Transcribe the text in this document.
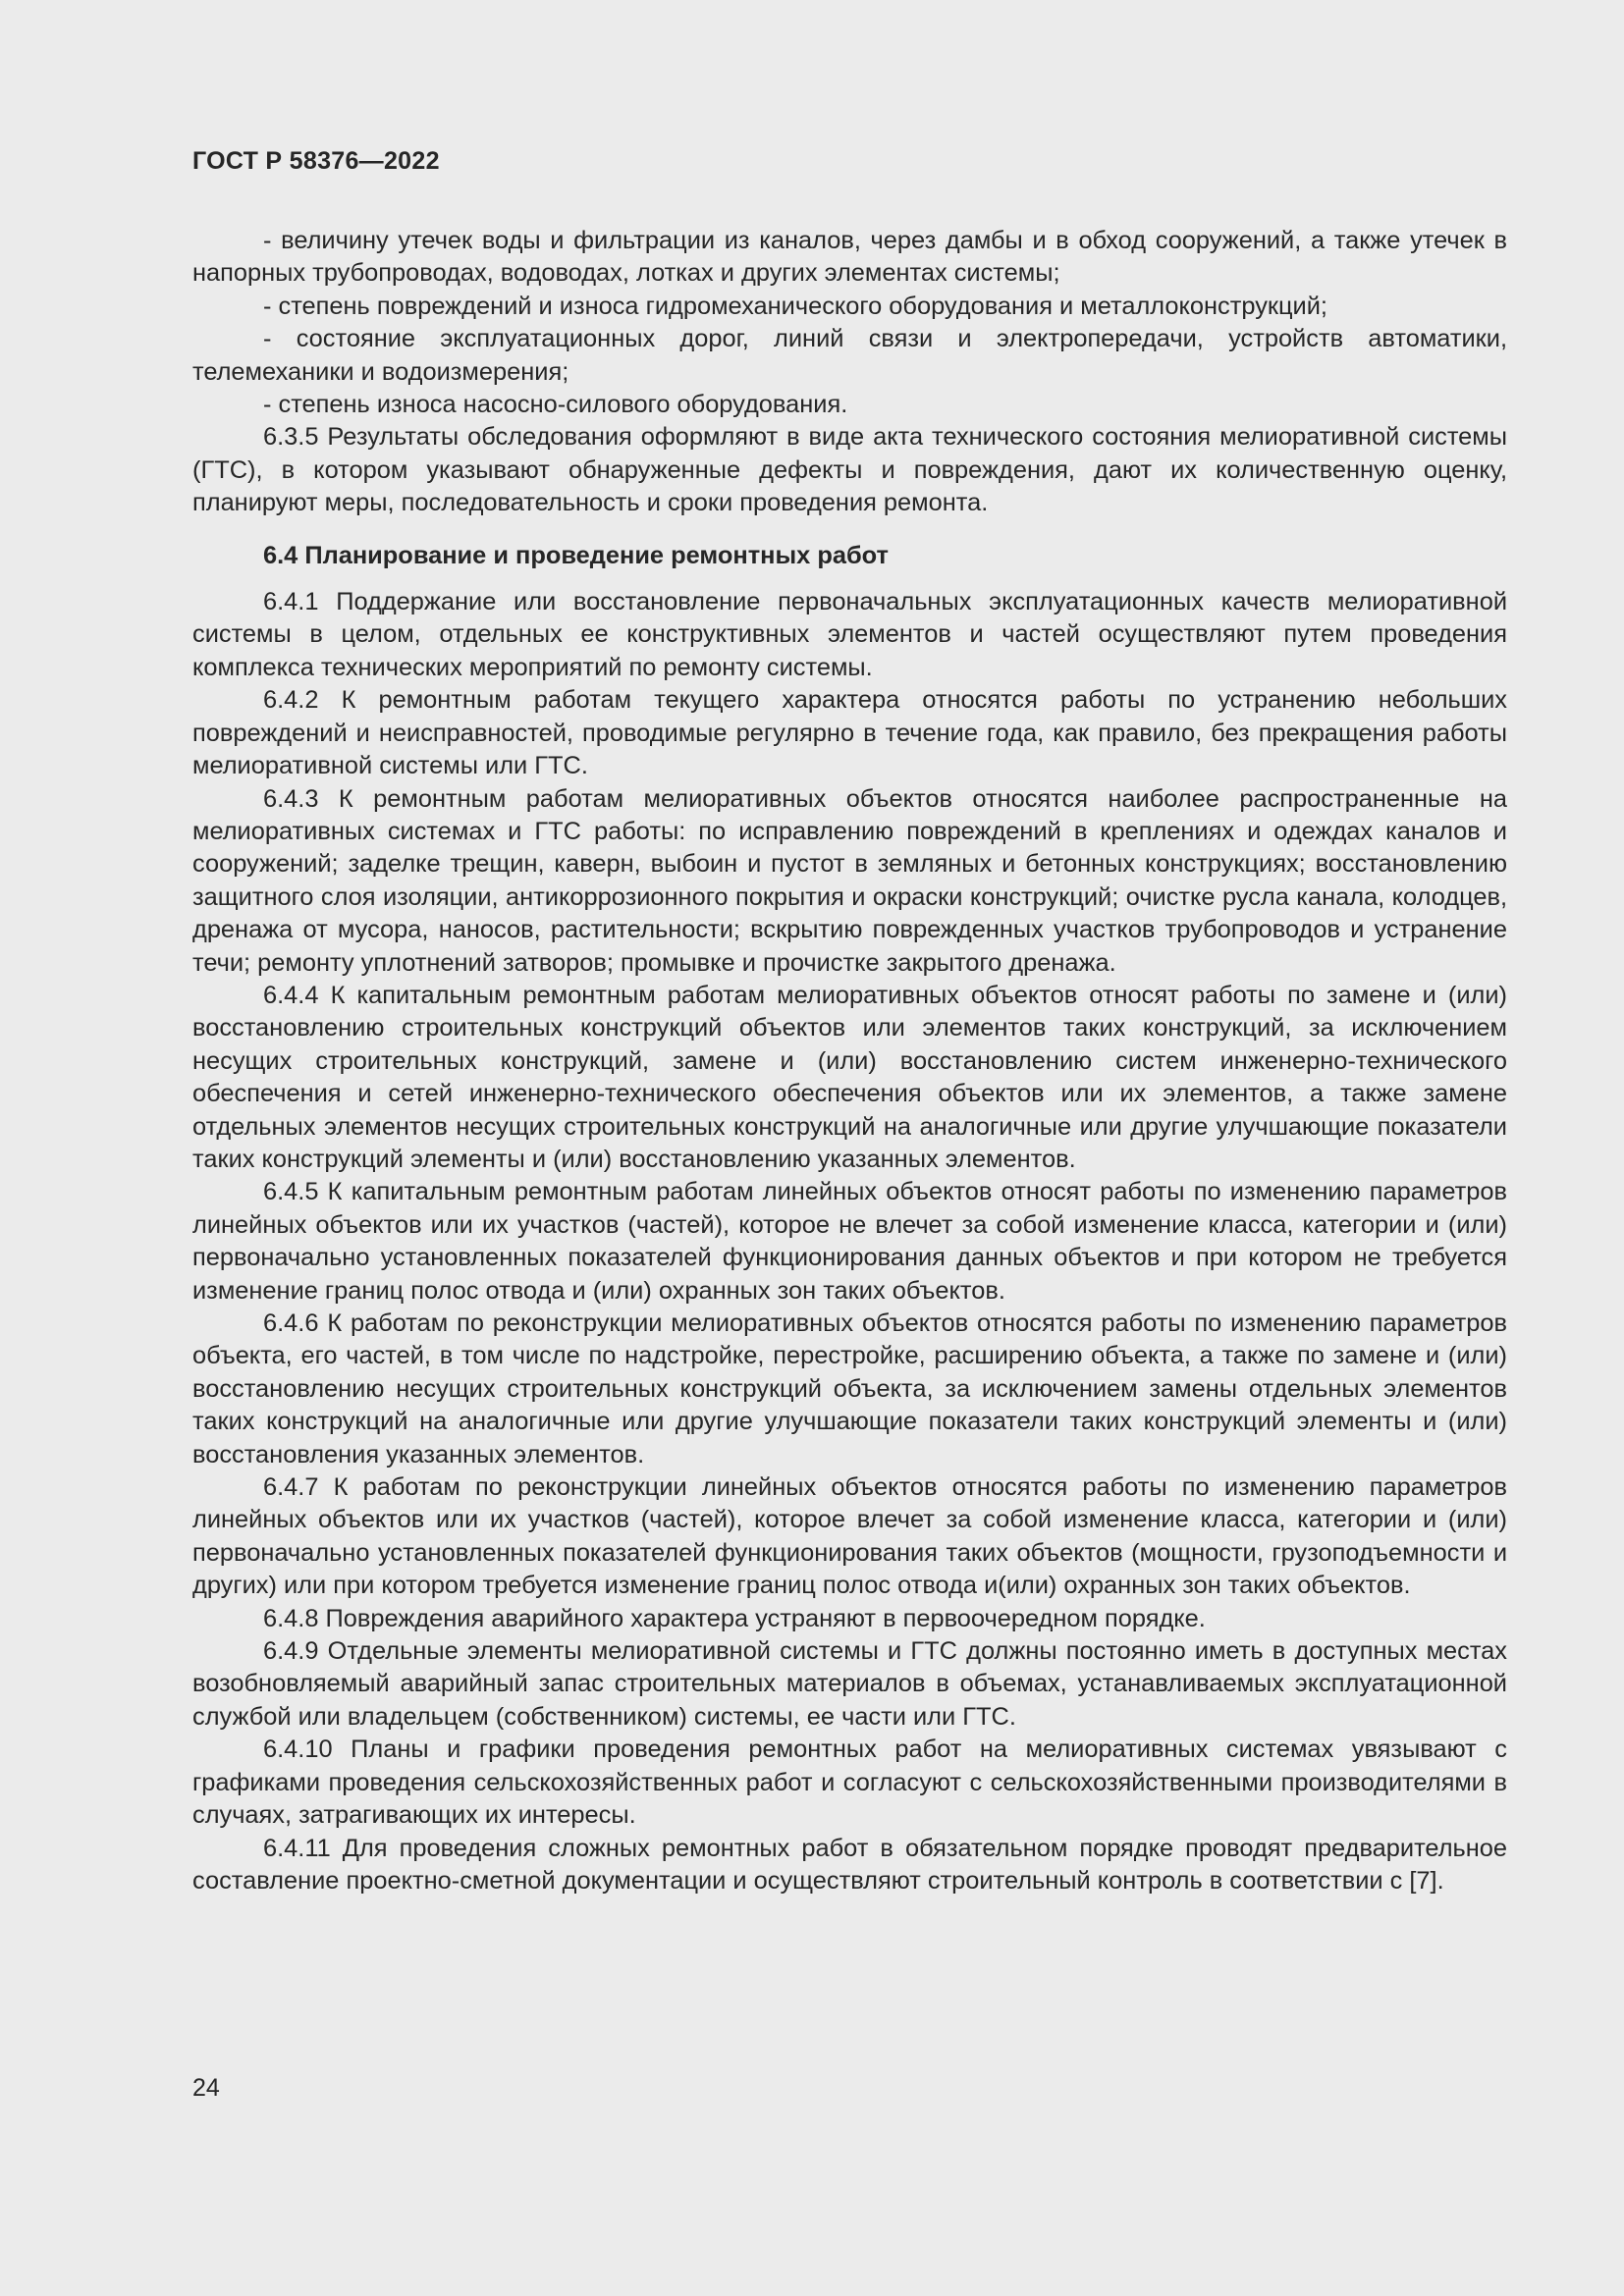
ГОСТ Р 58376—2022

- величину утечек воды и фильтрации из каналов, через дамбы и в обход сооружений, а также утечек в напорных трубопроводах, водоводах, лотках и других элементах системы;

- степень повреждений и износа гидромеханического оборудования и металлоконструкций;

- состояние эксплуатационных дорог, линий связи и электропередачи, устройств автоматики, телемеханики и водоизмерения;

- степень износа насосно-силового оборудования.

6.3.5 Результаты обследования оформляют в виде акта технического состояния мелиоративной системы (ГТС), в котором указывают обнаруженные дефекты и повреждения, дают их количественную оценку, планируют меры, последовательность и сроки проведения ремонта.

6.4 Планирование и проведение ремонтных работ

6.4.1 Поддержание или восстановление первоначальных эксплуатационных качеств мелиоративной системы в целом, отдельных ее конструктивных элементов и частей осуществляют путем проведения комплекса технических мероприятий по ремонту системы.

6.4.2 К ремонтным работам текущего характера относятся работы по устранению небольших повреждений и неисправностей, проводимые регулярно в течение года, как правило, без прекращения работы мелиоративной системы или ГТС.

6.4.3 К ремонтным работам мелиоративных объектов относятся наиболее распространенные на мелиоративных системах и ГТС работы: по исправлению повреждений в креплениях и одеждах каналов и сооружений; заделке трещин, каверн, выбоин и пустот в земляных и бетонных конструкциях; восстановлению защитного слоя изоляции, антикоррозионного покрытия и окраски конструкций; очистке русла канала, колодцев, дренажа от мусора, наносов, растительности; вскрытию поврежденных участков трубопроводов и устранение течи; ремонту уплотнений затворов; промывке и прочистке закрытого дренажа.

6.4.4 К капитальным ремонтным работам мелиоративных объектов относят работы по замене и (или) восстановлению строительных конструкций объектов или элементов таких конструкций, за исключением несущих строительных конструкций, замене и (или) восстановлению систем инженерно-технического обеспечения и сетей инженерно-технического обеспечения объектов или их элементов, а также замене отдельных элементов несущих строительных конструкций на аналогичные или другие улучшающие показатели таких конструкций элементы и (или) восстановлению указанных элементов.

6.4.5 К капитальным ремонтным работам линейных объектов относят работы по изменению параметров линейных объектов или их участков (частей), которое не влечет за собой изменение класса, категории и (или) первоначально установленных показателей функционирования данных объектов и при котором не требуется изменение границ полос отвода и (или) охранных зон таких объектов.

6.4.6 К работам по реконструкции мелиоративных объектов относятся работы по изменению параметров объекта, его частей, в том числе по надстройке, перестройке, расширению объекта, а также по замене и (или) восстановлению несущих строительных конструкций объекта, за исключением замены отдельных элементов таких конструкций на аналогичные или другие улучшающие показатели таких конструкций элементы и (или) восстановления указанных элементов.

6.4.7 К работам по реконструкции линейных объектов относятся работы по изменению параметров линейных объектов или их участков (частей), которое влечет за собой изменение класса, категории и (или) первоначально установленных показателей функционирования таких объектов (мощности, грузоподъемности и других) или при котором требуется изменение границ полос отвода и(или) охранных зон таких объектов.

6.4.8 Повреждения аварийного характера устраняют в первоочередном порядке.

6.4.9 Отдельные элементы мелиоративной системы и ГТС должны постоянно иметь в доступных местах возобновляемый аварийный запас строительных материалов в объемах, устанавливаемых эксплуатационной службой или владельцем (собственником) системы, ее части или ГТС.

6.4.10 Планы и графики проведения ремонтных работ на мелиоративных системах увязывают с графиками проведения сельскохозяйственных работ и согласуют с сельскохозяйственными производителями в случаях, затрагивающих их интересы.

6.4.11 Для проведения сложных ремонтных работ в обязательном порядке проводят предварительное составление проектно-сметной документации и осуществляют строительный контроль в соответствии с [7].

24
